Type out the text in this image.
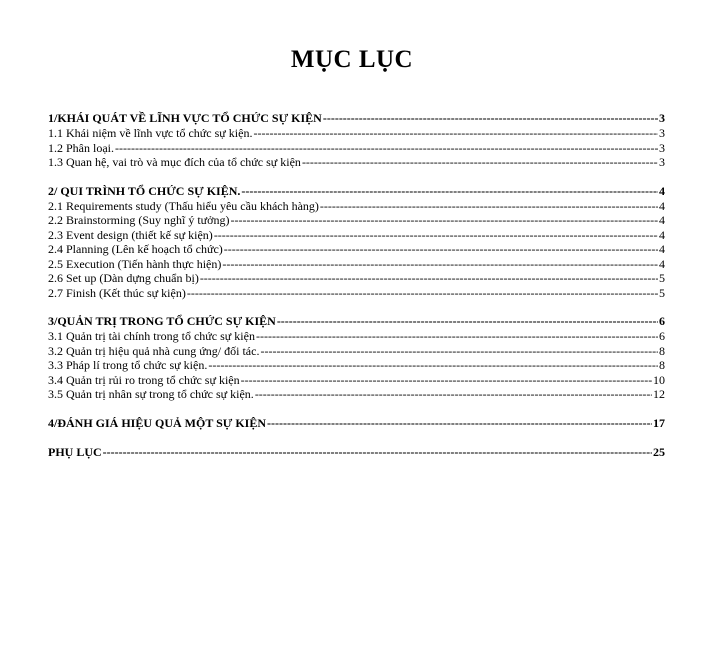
MỤC LỤC
1/KHÁI QUÁT VỀ LĨNH VỰC TỔ CHỨC SỰ KIỆN -----	3
1.1 Khái niệm về lĩnh vực tổ chức sự kiện. -----	3
1.2 Phân loại. -----	3
1.3 Quan hệ, vai trò và mục đích của tổ chức sự kiện -----	3
2/ QUI TRÌNH TỔ CHỨC SỰ KIỆN. -----	4
2.1 Requirements study (Thấu hiểu yêu cầu khách hàng) -----	4
2.2 Brainstorming (Suy nghĩ ý tưởng) -----	4
2.3 Event design (thiết kế sự kiện) -----	4
2.4 Planning (Lên kế hoạch tổ chức) -----	4
2.5 Execution (Tiến hành thực hiện) -----	4
2.6 Set up (Dàn dựng chuẩn bị) -----	5
2.7 Finish (Kết thúc sự kiện) -----	5
3/QUẢN TRỊ TRONG TỔ CHỨC SỰ KIỆN -----	6
3.1 Quản trị tài chính trong tổ chức sự kiện -----	6
3.2 Quản trị hiệu quả nhà cung ứng/ đối tác. -----	8
3.3 Pháp lí trong tổ chức sự kiện. -----	8
3.4 Quản trị rủi ro trong tổ chức sự kiện -----	10
3.5 Quản trị nhân sự trong tổ chức sự kiện. -----	12
4/ĐÁNH GIÁ HIỆU QUẢ MỘT SỰ KIỆN -----	17
PHỤ LỤC -----	25
